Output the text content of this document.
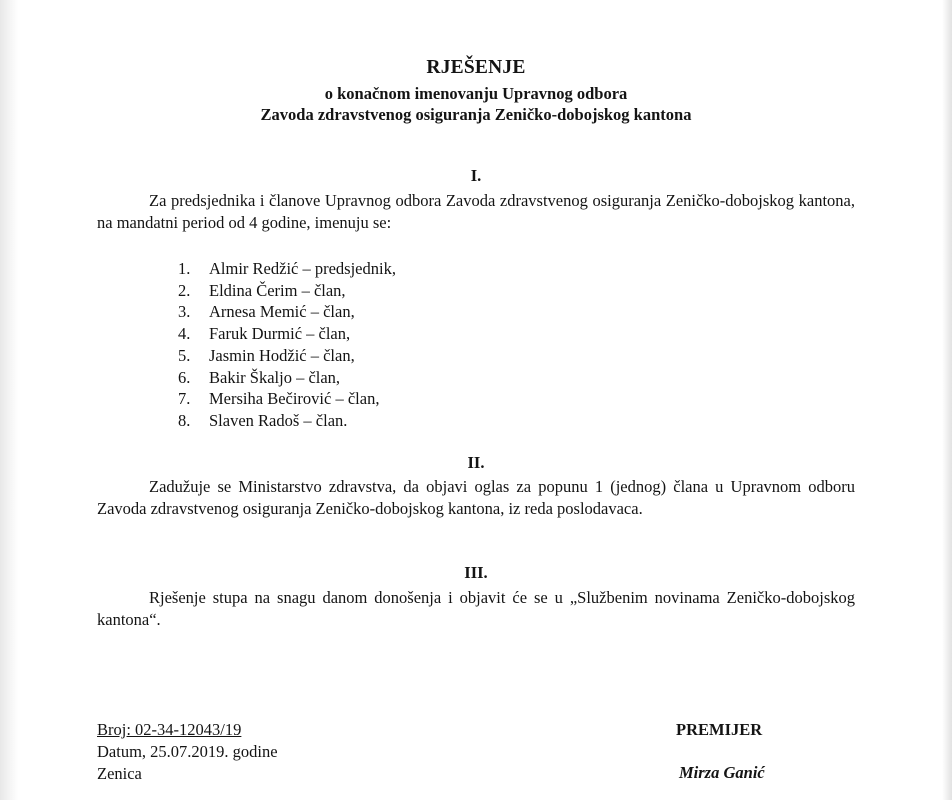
RJEŠENJE
o konačnom imenovanju Upravnog odbora
Zavoda zdravstvenog osiguranja Zeničko-dobojskog kantona
I.

Za predsjednika i članove Upravnog odbora Zavoda zdravstvenog osiguranja Zeničko-dobojskog kantona, na mandatni period od 4 godine, imenuju se:

1. Almir Redžić – predsjednik,
2. Eldina Čerim – član,
3. Arnesa Memić – član,
4. Faruk Durmić – član,
5. Jasmin Hodžić – član,
6. Bakir Škaljo – član,
7. Mersiha Bečirović – član,
8. Slaven Radoš – član.
II.

Zadužuje se Ministarstvo zdravstva, da objavi oglas za popunu 1 (jednog) člana u Upravnom odboru Zavoda zdravstvenog osiguranja Zeničko-dobojskog kantona, iz reda poslodavaca.

III.

Rješenje stupa na snagu danom donošenja i objavit će se u „Službenim novinama Zeničko-dobojskog kantona“.

Broj: 02-34-12043/19
Datum, 25.07.2019. godine
Zenica
PREMIJER
Mirza Ganić
